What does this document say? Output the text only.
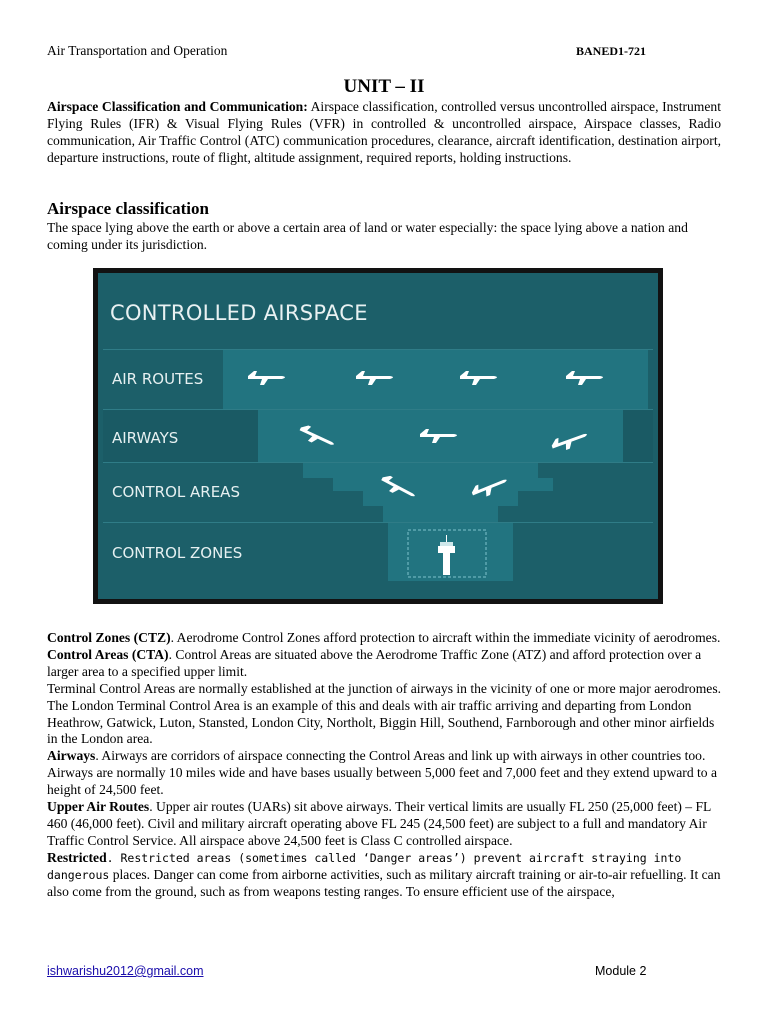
Air Transportation and Operation	BANED1-721
UNIT – II
Airspace Classification and Communication: Airspace classification, controlled versus uncontrolled airspace, Instrument Flying Rules (IFR) & Visual Flying Rules (VFR) in controlled & uncontrolled airspace, Airspace classes, Radio communication, Air Traffic Control (ATC) communication procedures, clearance, aircraft identification, destination airport, departure instructions, route of flight, altitude assignment, required reports, holding instructions.
Airspace classification
The space lying above the earth or above a certain area of land or water especially: the space lying above a nation and coming under its jurisdiction.
CONTROLLED AIRSPACE
AIR ROUTES
AIRWAYS
CONTROL AREAS
CONTROL ZONES
Control Zones (CTZ). Aerodrome Control Zones afford protection to aircraft within the immediate vicinity of aerodromes.
Control Areas (CTA). Control Areas are situated above the Aerodrome Traffic Zone (ATZ) and afford protection over a larger area to a specified upper limit.
Terminal Control Areas are normally established at the junction of airways in the vicinity of one or more major aerodromes.
The London Terminal Control Area is an example of this and deals with air traffic arriving and departing from London Heathrow, Gatwick, Luton, Stansted, London City, Northolt, Biggin Hill, Southend, Farnborough and other minor airfields in the London area.
Airways. Airways are corridors of airspace connecting the Control Areas and link up with airways in other countries too. Airways are normally 10 miles wide and have bases usually between 5,000 feet and 7,000 feet and they extend upward to a height of 24,500 feet.
Upper Air Routes. Upper air routes (UARs) sit above airways. Their vertical limits are usually FL 250 (25,000 feet) – FL 460 (46,000 feet). Civil and military aircraft operating above FL 245 (24,500 feet) are subject to a full and mandatory Air Traffic Control Service. All airspace above 24,500 feet is Class C controlled airspace.
Restricted. Restricted areas (sometimes called ‘Danger areas’) prevent aircraft straying into dangerous places. Danger can come from airborne activities, such as military aircraft training or air-to-air refuelling. It can also come from the ground, such as from weapons testing ranges. To ensure efficient use of the airspace,
ishwarishu2012@gmail.com	Module 2
